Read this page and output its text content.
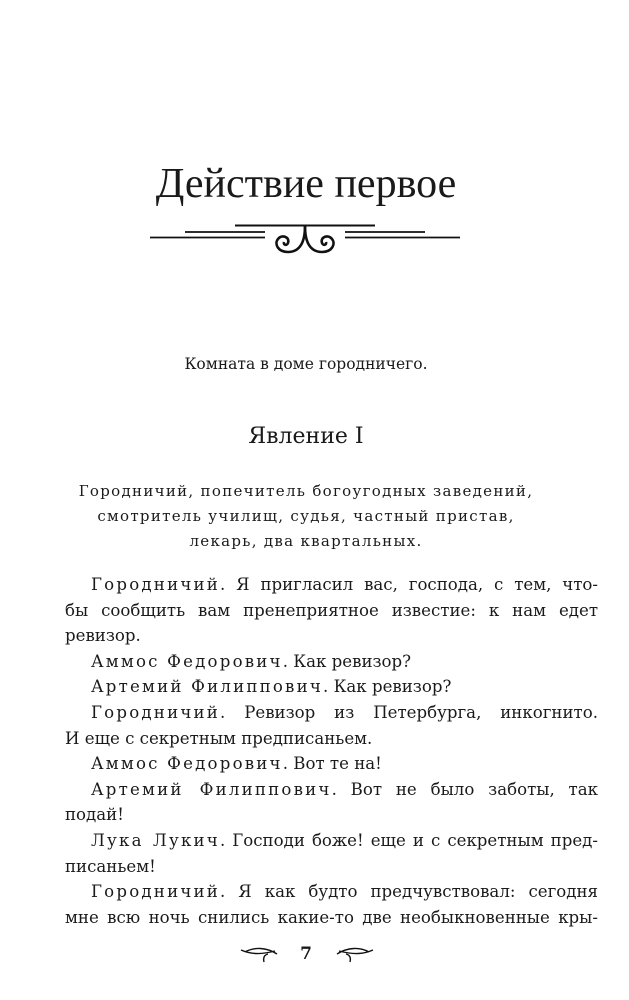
Действие первое
Комната в доме городничего.
Явление I
Городничий, попечитель богоугодных заведений,
смотритель училищ, судья, частный пристав,
лекарь, два квартальных.
Городничий. Я пригласил вас, господа, с тем, что-
бы сообщить вам пренеприятное известие: к нам едет
ревизор.
Аммос Федорович. Как ревизор?
Артемий Филиппович. Как ревизор?
Городничий. Ревизор из Петербурга, инкогнито.
И еще с секретным предписаньем.
Аммос Федорович. Вот те на!
Артемий Филиппович. Вот не было заботы, так
подай!
Лука Лукич. Господи боже! еще и с секретным пред-
писаньем!
Городничий. Я как будто предчувствовал: сегодня
мне всю ночь снились какие-то две необыкновенные кры-
7
